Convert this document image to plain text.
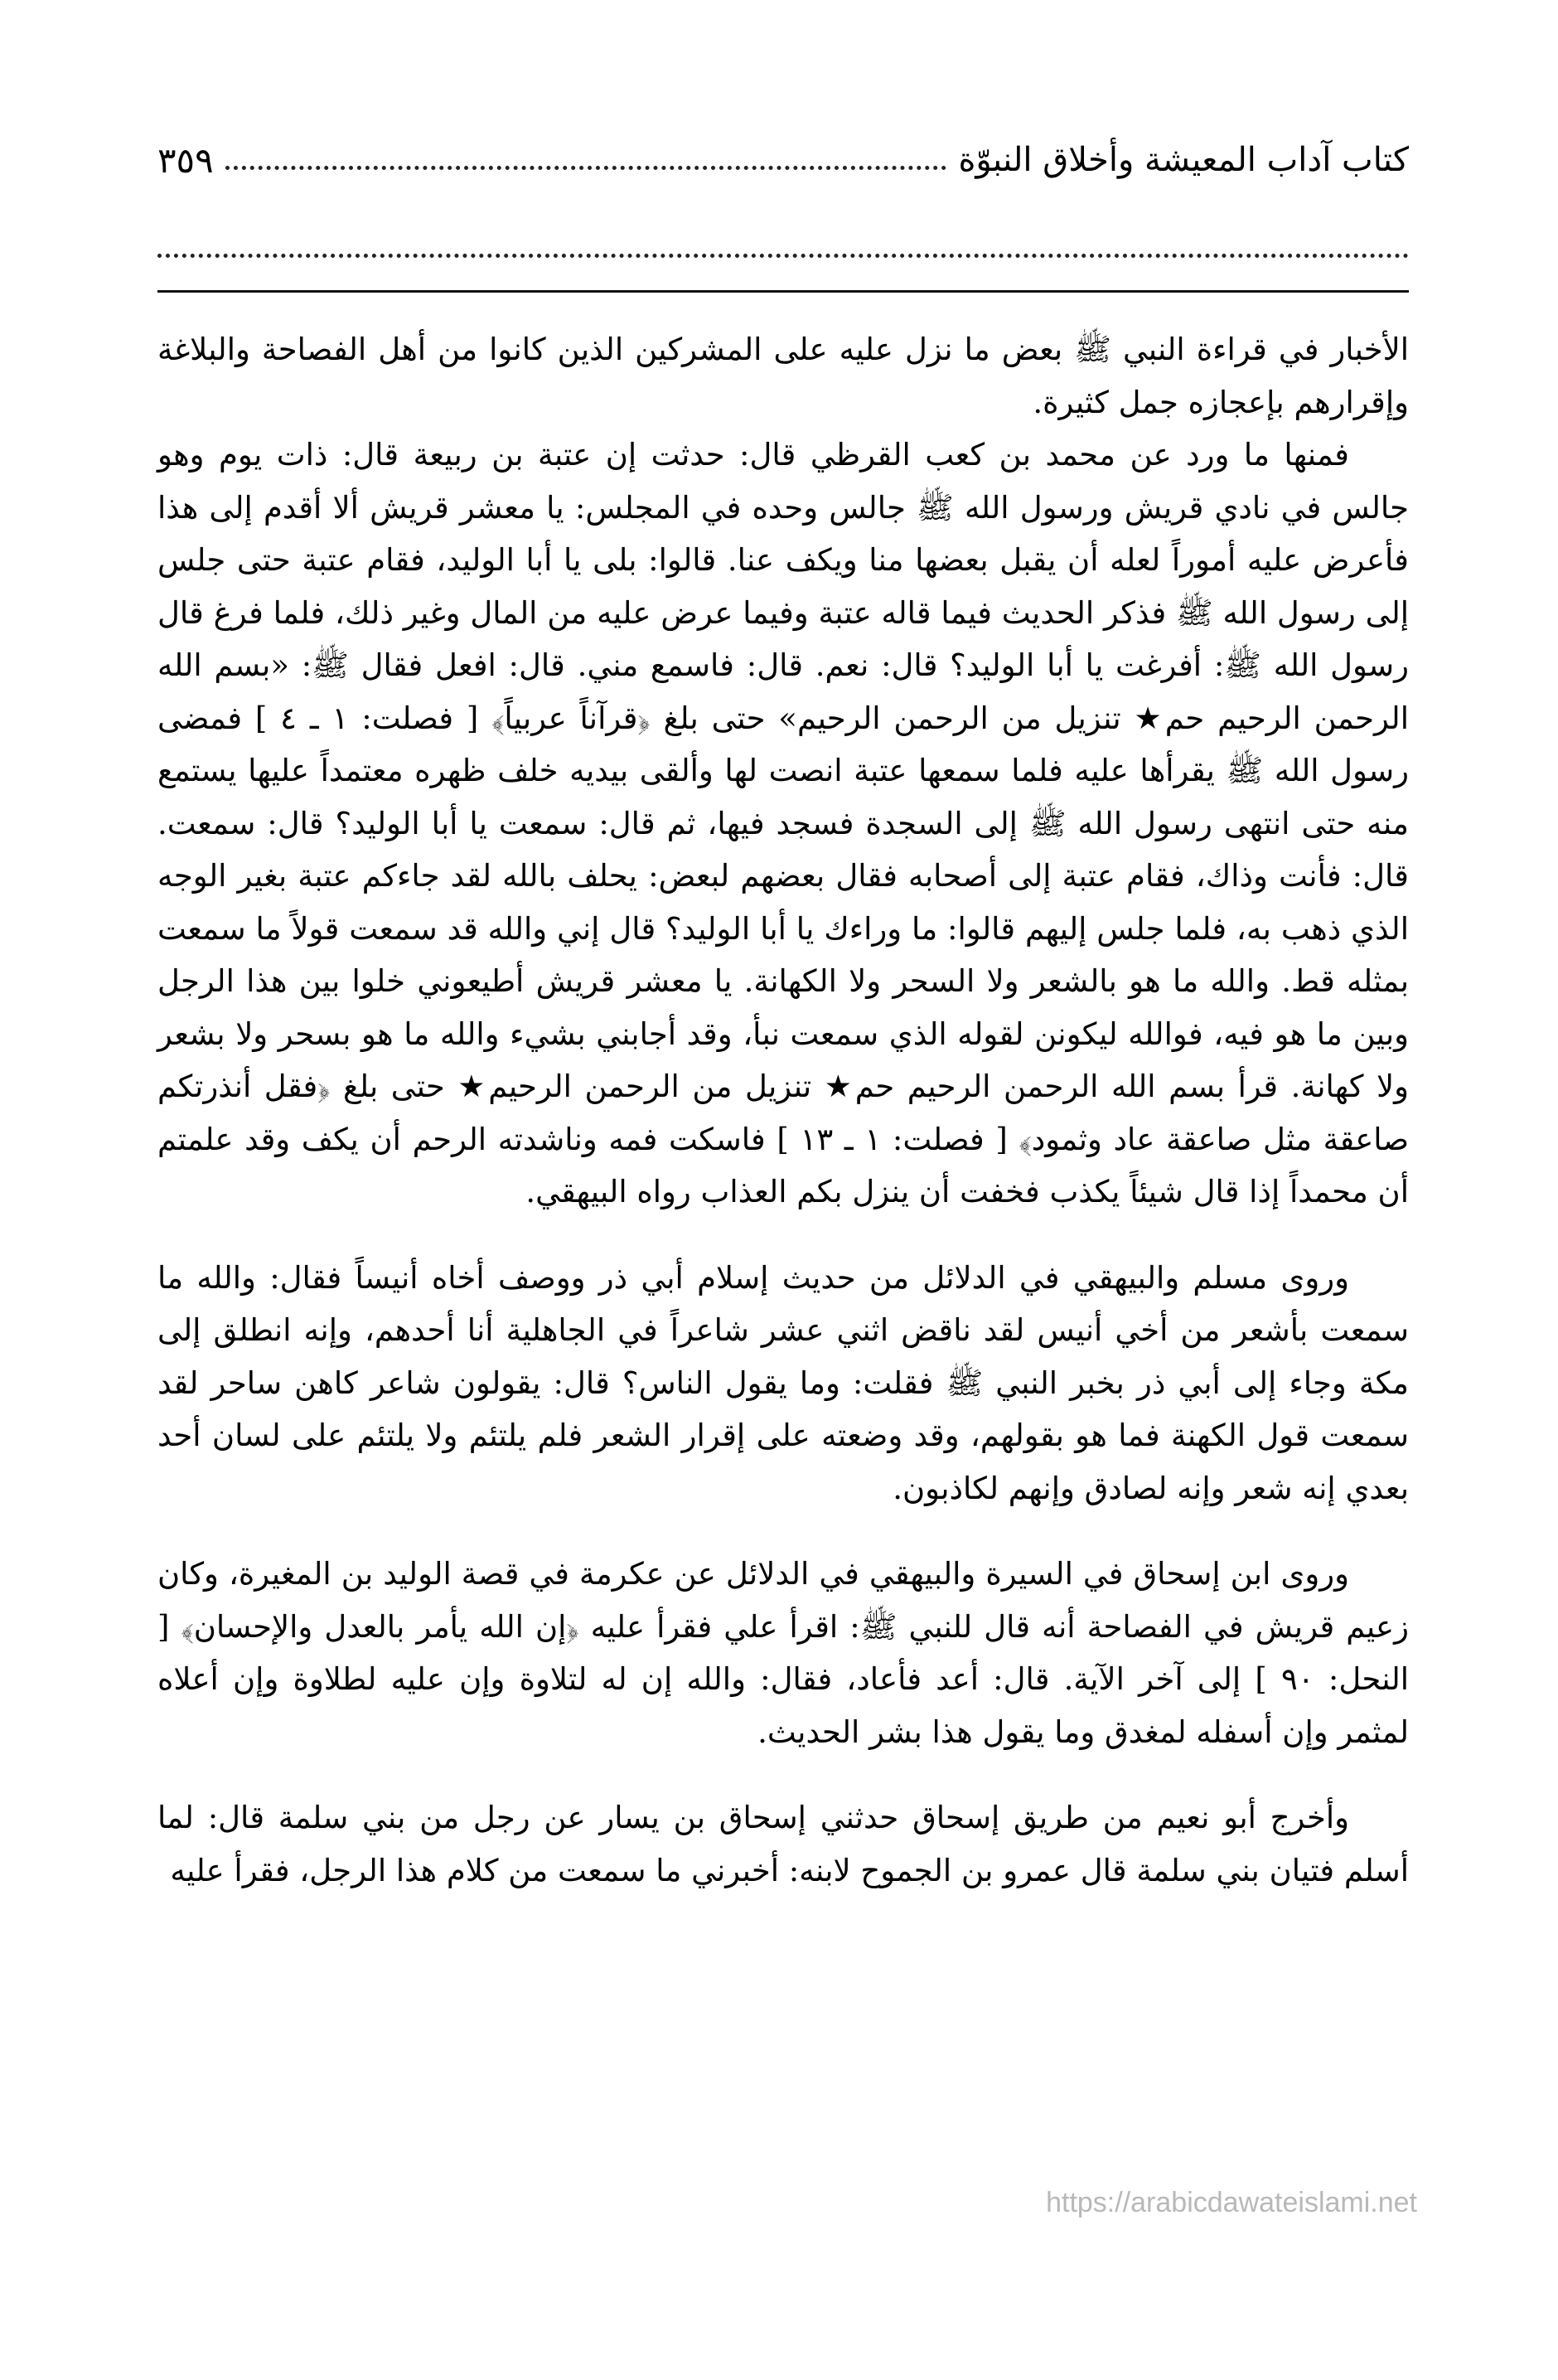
كتاب آداب المعيشة وأخلاق النبوّة
٣٥٩

الأخبار في قراءة النبي ﷺ بعض ما نزل عليه على المشركين الذين كانوا من أهل الفصاحة والبلاغة وإقرارهم بإعجازه جمل كثيرة.

فمنها ما ورد عن محمد بن كعب القرظي قال: حدثت إن عتبة بن ربيعة قال: ذات يوم وهو جالس في نادي قريش ورسول الله ﷺ جالس وحده في المجلس: يا معشر قريش ألا أقدم إلى هذا فأعرض عليه أموراً لعله أن يقبل بعضها منا ويكف عنا. قالوا: بلى يا أبا الوليد، فقام عتبة حتى جلس إلى رسول الله ﷺ فذكر الحديث فيما قاله عتبة وفيما عرض عليه من المال وغير ذلك، فلما فرغ قال رسول الله ﷺ: أفرغت يا أبا الوليد؟ قال: نعم. قال: فاسمع مني. قال: افعل فقال ﷺ: «بسم الله الرحمن الرحيم حم★ تنزيل من الرحمن الرحيم» حتى بلغ ﴿قرآناً عربياً﴾ [ فصلت: ١ ـ ٤ ] فمضى رسول الله ﷺ يقرأها عليه فلما سمعها عتبة انصت لها وألقى بيديه خلف ظهره معتمداً عليها يستمع منه حتى انتهى رسول الله ﷺ إلى السجدة فسجد فيها، ثم قال: سمعت يا أبا الوليد؟ قال: سمعت. قال: فأنت وذاك، فقام عتبة إلى أصحابه فقال بعضهم لبعض: يحلف بالله لقد جاءكم عتبة بغير الوجه الذي ذهب به، فلما جلس إليهم قالوا: ما وراءك يا أبا الوليد؟ قال إني والله قد سمعت قولاً ما سمعت بمثله قط. والله ما هو بالشعر ولا السحر ولا الكهانة. يا معشر قريش أطيعوني خلوا بين هذا الرجل وبين ما هو فيه، فوالله ليكونن لقوله الذي سمعت نبأ، وقد أجابني بشيء والله ما هو بسحر ولا بشعر ولا كهانة. قرأ بسم الله الرحمن الرحيم حم★ تنزيل من الرحمن الرحيم★ حتى بلغ ﴿فقل أنذرتكم صاعقة مثل صاعقة عاد وثمود﴾ [ فصلت: ١ ـ ١٣ ] فاسكت فمه وناشدته الرحم أن يكف وقد علمتم أن محمداً إذا قال شيئاً يكذب فخفت أن ينزل بكم العذاب رواه البيهقي.

وروى مسلم والبيهقي في الدلائل من حديث إسلام أبي ذر ووصف أخاه أنيساً فقال: والله ما سمعت بأشعر من أخي أنيس لقد ناقض اثني عشر شاعراً في الجاهلية أنا أحدهم، وإنه انطلق إلى مكة وجاء إلى أبي ذر بخبر النبي ﷺ فقلت: وما يقول الناس؟ قال: يقولون شاعر كاهن ساحر لقد سمعت قول الكهنة فما هو بقولهم، وقد وضعته على إقرار الشعر فلم يلتئم ولا يلتئم على لسان أحد بعدي إنه شعر وإنه لصادق وإنهم لكاذبون.

وروى ابن إسحاق في السيرة والبيهقي في الدلائل عن عكرمة في قصة الوليد بن المغيرة، وكان زعيم قريش في الفصاحة أنه قال للنبي ﷺ: اقرأ علي فقرأ عليه ﴿إن الله يأمر بالعدل والإحسان﴾ [ النحل: ٩٠ ] إلى آخر الآية. قال: أعد فأعاد، فقال: والله إن له لتلاوة وإن عليه لطلاوة وإن أعلاه لمثمر وإن أسفله لمغدق وما يقول هذا بشر الحديث.

وأخرج أبو نعيم من طريق إسحاق حدثني إسحاق بن يسار عن رجل من بني سلمة قال: لما أسلم فتيان بني سلمة قال عمرو بن الجموح لابنه: أخبرني ما سمعت من كلام هذا الرجل، فقرأ عليه

https://arabicdawateislami.net
